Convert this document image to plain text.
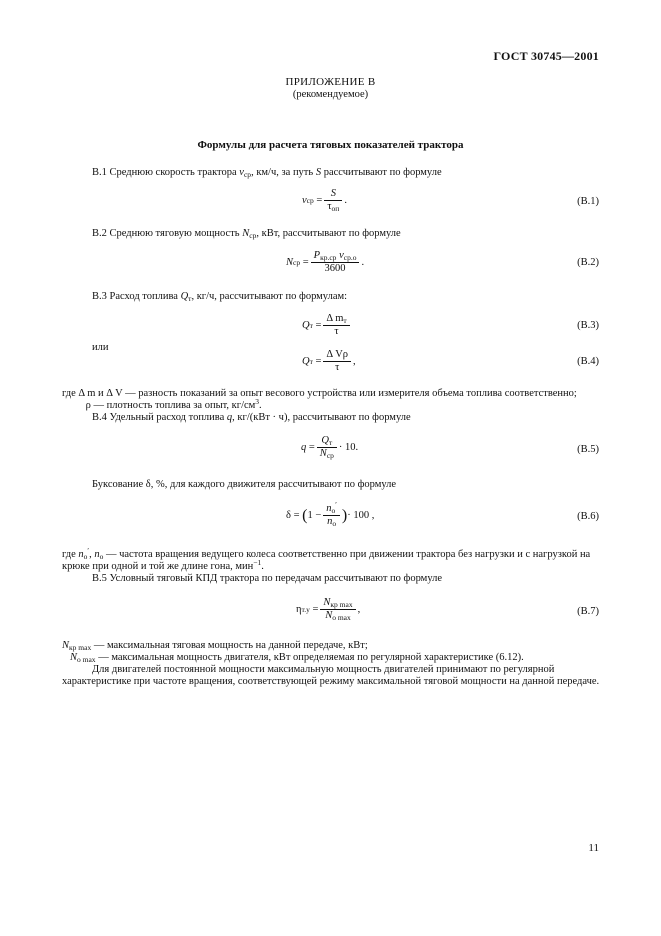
ГОСТ 30745—2001
ПРИЛОЖЕНИЕ В
(рекомендуемое)
Формулы для расчета тяговых показателей трактора
В.1 Среднюю скорость трактора $v_{ср}$, км/ч, за путь S рассчитывают по формуле
v ср
= $\frac{S}{\tau_{оп}}$ .	(В.1)
В.2 Среднюю тяговую мощность $N_{ср}$, кВт, рассчитывают по формуле
N ср
= $\frac{P_{кр.ср} v_{ср.о}}{3600}$ .	(В.2)
В.3 Расход топлива $Q_т$, кг/ч, рассчитывают по формулам:
Q т
= $\frac{\Delta m_т}{\tau}$	(В.3)
или
Q т
= $\frac{\text{Δ Vρ}}{\tau}$ ,	(В.4)
где Δ m и Δ V — разность показаний за опыт весового устройства или измерителя объема топлива соответственно;
ρ — плотность топлива за опыт, $кг/см^3$.
В.4 Удельный расход топлива q, кг/(кВт · ч), рассчитывают по формуле
q
= $\frac{Q_т}{N_{ср}} \cdot 10$.	(В.5)
Буксование δ, %, для каждого движителя рассчитывают по формуле
δ
=
( $1 - \frac{n_о'}{n_о}$ ) · 100 ,	(В.6)
где $n_о'$, $n_о$ — частота вращения ведущего колеса соответственно при движении трактора без нагрузки и с нагрузкой на крюке при одной и той же длине гона, мин$^{-1}$.
В.5 Условный тяговый КПД трактора по передачам рассчитывают по формуле
η т.у
= $\frac{N_{кр max}}{N_{о max}}$ ,	(В.7)
$N_{кр max}$ — максимальная тяговая мощность на данной передаче, кВт;
$N_{о max}$ — максимальная мощность двигателя, кВт определяемая по регулярной характеристике (6.12).
Для двигателей постоянной мощности максимальную мощность двигателей принимают по регулярной характеристике при частоте вращения, соответствующей режиму максимальной тяговой мощности на данной передаче.
11
